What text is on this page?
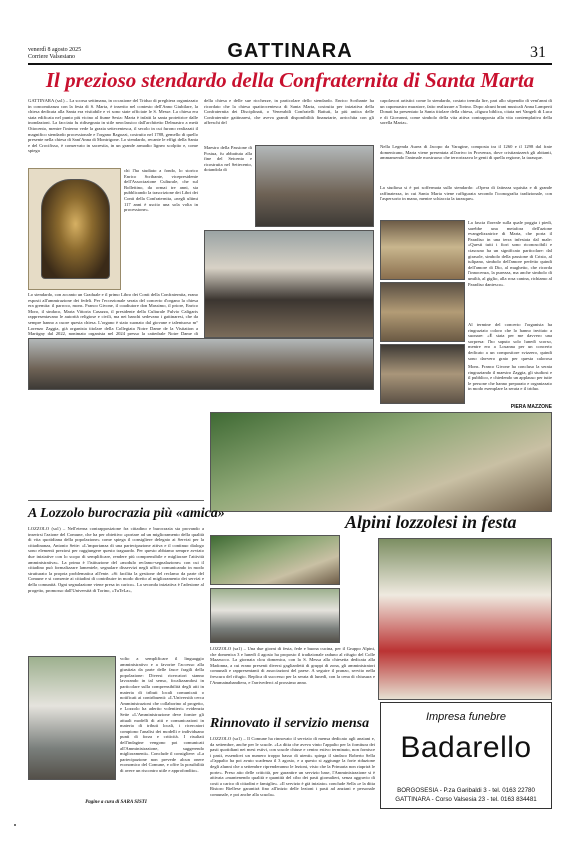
venerdì 8 agosto 2025
Corriere Valsesiano	GATTINARA	31
Il prezioso stendardo della Confraternita di Santa Marta
GATTINARA (sa1) – La scorsa settimana, in occasione del Triduo di preghiera organizzato in concomitanza con la festa di S. Marta, è inserito nel contesto dell'Anno Giubilare, la chiesa dedicata alla Santa era visitabile e vi sono state officiate le S. Messe. La chiesa era stata edificata nel punto più vicino al fiume Sesia: Marta è infatti la santa protettrice dalle inondazioni. La facciata fu ridisegnata in stile neoclassico dall'architetto Delmastro a metà Ottocento, mentre l'interno vede la grazia settecentesca, il secolo in cui furono realizzati il magnifico stendardo processionale e l'organo Ragozzi, costruito nel 1788, gemello di quello presente nella chiesa di Sant'Anna di Montrigone. Lo stendardo, recante le effigi della Santa e del Crocifisso, è conservato in sacrestia, in un grande armadio ligneo scolpito e, come spiega
chi l'ha studiato a fondo, lo storico Enrico Scribante, vicepresidente dell'Associazione Culturale, che sul Bollettino, da ormai tre anni, sta pubblicando la trascrizione dei Libri dei Conti della Confraternita, «negli ultimi 117 anni è uscito una sola volta in processione».
Lo stendardo, con accanto un Graduale e il primo Libro dei Conti della Confraternita, erano esposti all'ammirazione dei fedeli. Per l'eccezionale serata del concerto d'organo la chiesa era gremita: il parroco, mons. Franco Givone, il coadiutore don Massimo, il priore, Enrico Moro, il sindaco, Maria Vittoria Casazza, il presidente della Culturale Fulvio Caligaris rappresentavano le autorità religiose e civili, ma nei banchi sedevano i gattinaresi, che da sempre hanno a cuore questa chiesa. L'organo è stato suonato dal giovane e talentuoso m° Lorenzo Zaggia, già organista titolare della Collegiata Notre Dame de la Visitation a Martigny dal 2022, nonimato organista nel 2024 presso la cattedrale Notre Dame di
della chiesa e delle sue ricchezze, in particolare dello stendardo. Enrico Scribante ha ricordato che la chiesa quattrocentesca di Santa Marta, costruita per iniziativa della Confraternita dei Disciplinati, o Venerabili Confratelli Battuti, la più antica delle Confraternite gattinaresi, che aveva grandi disponibilità finanziarie, arricchita con gli affreschi del
Maestro della Passione di Postua, fu abbattuta alla fine del Seicento e ricostruita nel Settecento, dotandola di
capolavori artistici come lo stendardo, costato tremila lire, pari allo stipendio di vent'anni di un capomastro muratore, fatto realizzare a Torino. Dopo alcuni brani musicali Anna Lamperti Donati ha presentato la Santa titolare della chiesa, «figura biblica, citata nei Vangeli di Luca e di Giovanni, come simbolo della vita attiva contrapposta alla vita contemplativa della sorella Maria».
Nella Legenda Aurea di Jacopo da Varagine, composta tra il 1260 e il 1298 dal frate domenicano, Marta viene presentata all'arrivo in Provenza, dove cristianizzerà gli abitanti, ammansendo l'animale mostruoso che terrorizzava le genti di quella regione, la tarasque.
La studiosa si è poi soffermata sullo stendardo: «Opera di fattezza squisita e di grande raffinatezza, in cui Santa Marta viene raffigurata secondo l'iconografia tradizionale, con l'aspersorio in mano, mentre schiaccia la tarasque».
La fascia floreale sulla quale poggia i piedi, sarebbe una metafora dell'azione evangelizzatrice di Marta, che porta il Paradiso in una terra infestata dal male: «Questi tutti i fiori sono riconoscibili e ciascuno ha un significato particolare: dal girasole, simbolo della passione di Cristo, al tulipano, simbolo dell'amore perfetto quindi dell'amore di Dio, al mughetto, che ricorda l'innocenza, la purezza, ma anche simbolo di umiltà, al giglio, alla rosa canina, richiamo al Paradiso dantesco».
Al termine del concerto l'organista ha ringraziato coloro che lo hanno invitato a suonare: «È stata per me davvero una sorpresa: l'ho saputo solo lunedì scorso, mentre ero a Losanna per un concerto dedicato a un compositore svizzero, quindi sono davvero grato per questa calorosa
Mons. Franco Givone ha concluso la serata ringraziando il maestro Zaggia, gli studiosi e il pubblico, e chiedendo un applauso per tutte le persone che hanno preparato e organizzato in modo esemplare la serata e il triduo.
PIERA MAZZONE
A Lozzolo burocrazia più «amica»
LOZZOLO (sa1) – Nell'eterna contrapposizione fra cittadino e burocrazia sta provando a inserirsi l'azione del Comune, che ha per obiettivo «portare ad un miglioramento della qualità di vita quotidiana della popolazione» come spiega il consigliere delegato ai Servizi per la cittadinanza, Antonio Sette: «L'importanza di una partecipazione attiva e il continuo dialogo sono elementi preziosi per raggiungere questo traguardo. Per questo abbiamo sempre avviato due iniziative con lo scopo di semplificare, rendere più comprensibile e migliorare l'attività amministrativa». La prima è l'istituzione del «modulo reclamo-segnalazione» con cui il cittadino può formalizzare lamentele, segnalare disservizi negli uffici comunicando in modo strutturato la propria problematica all'ente. «Si facilita la gestione del reclamo da parte del Comune e si consente ai cittadini di contribuire in modo diretto al miglioramento dei servizi e della comunità. Ogni segnalazione viene presa in carico». La seconda iniziativa è l'adesione al progetto, promosso dall'Università di Torino, «TuTeLa»,
volto a semplificare il linguaggio amministrativo e a favorire l'accesso alla giustizia da parte delle fasce fragili della popolazione: Diversi ricercatori stanno lavorando in tal senso, focalizzandosi in particolare sulla comprensibilità degli atti in materia di tributi locali comunicati o notificati ai contribuenti: «L'Università cerca Amministrazioni che collaborino al progetto, e Lozzolo ha aderito volentieri» evidenzia Sette «L'Amministrazione deve fornire gli attuali modelli di atti e comunicazioni in materia di tributi locali, i ricercatori compiono l'analisi dei modelli e individuano punti di forza e criticità. I risultati dell'indagine vengono poi comunicati all'Amministrazione, suggerendo miglioramenti». Conclude il consigliere: «La partecipazione non prevede alcun onere economico del Comune, e offre la possibilità di avere un riscontro utile e approfondito».
Pagine a cura di SARA SISTI
Alpini lozzolesi in festa
LOZZOLO (sa1) – Una due giorni di festa, fede e buona cucina, per il Gruppo Alpini, che domenica 3 e lunedì 4 agosto ha proposto il tradizionale raduno al rifugio del Colle Mazzucco. La giornata clou domenica, con la S. Messa alla chiesetta dedicata alla Madonna, a cui erano presenti diversi gagliardetti di gruppi di zona, gli amministratori comunali e rappresentanti di associazioni del paese. A seguire il pranzo, servito nella frescura del rifugio. Replica di successo per la serata di lunedì, con la cena di chiusura e l'Ammainabandiera, e l'arrivederci al prossimo anno.
Rinnovato il servizio mensa
LOZZOLO (sa1) – Il Comune ha rinnovato il servizio di mensa dedicato agli anziani e, da settembre, anche per le scuole. «La ditta che aveva vinto l'appalto per la fornitura dei pasti quotidiani nei mesi estivi, con scuole chiuse e centro estivo terminato, non fornisce i pasti, essendovi un numero troppo basso di utenti» spiega il sindaco Roberto Sella «l'appalto ha poi avuto scadenza il 3 agosto, e a questo si aggiunge la forte riduzione degli alunni che a settembre riprenderanno le lezioni, visto che la Primaria non riaprirà le porte». Preso atto delle criticità, per garantire un servizio base, l'Amministrazione si è attivata «mantenendo qualità e quantità del cibo dei pasti giornalieri, senza aggravio di costi a carico di cittadini e famiglie». «Il servizio è già iniziato» conclude Sella «e la ditta Ristoro Biellese garantirà fino all'inizio delle lezioni i pasti ad anziani e personale comunale, e poi anche alla scuola».
Impresa funebre
Badarello
BORGOSESIA - P.za Garibaldi 3 - tel. 0163 22780
GATTINARA - Corso Valsesia 23 - tel. 0163 834481
